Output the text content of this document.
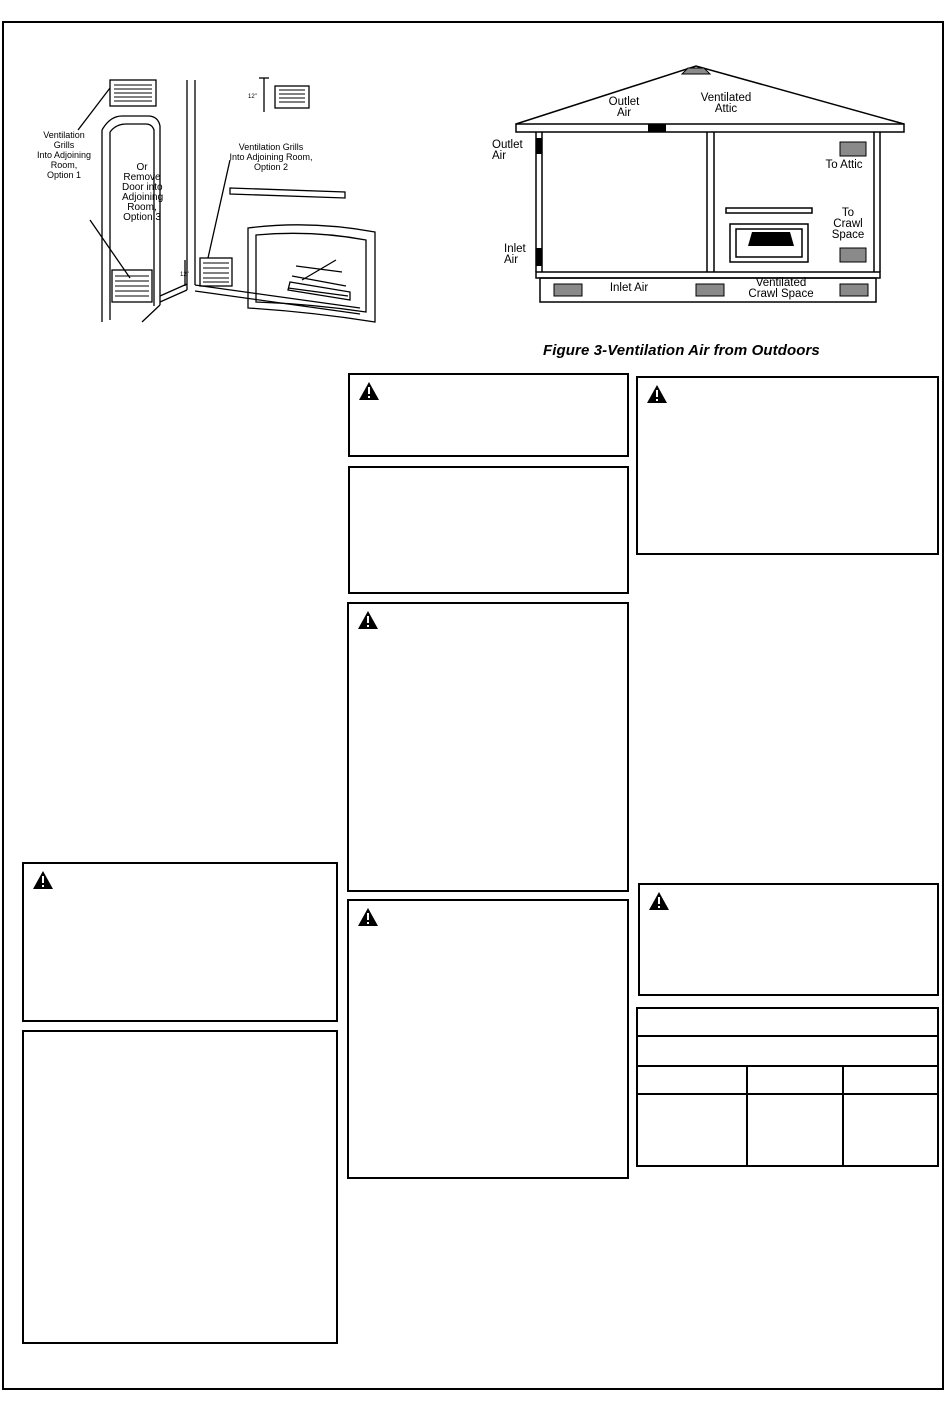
Ventilation
Grills
Into Adjoining
Room,
Option 1
Or
Remove
Door into
Adjoining
Room,
Option 3
Ventilation Grills
Into Adjoining Room,
Option 2
12"
12"
Outlet
Air
Ventilated
Attic
Outlet
Air
Inlet
Air
To Attic
To
Crawl
Space
Inlet Air	Ventilated
Crawl Space
Figure 3-Ventilation Air from Outdoors
